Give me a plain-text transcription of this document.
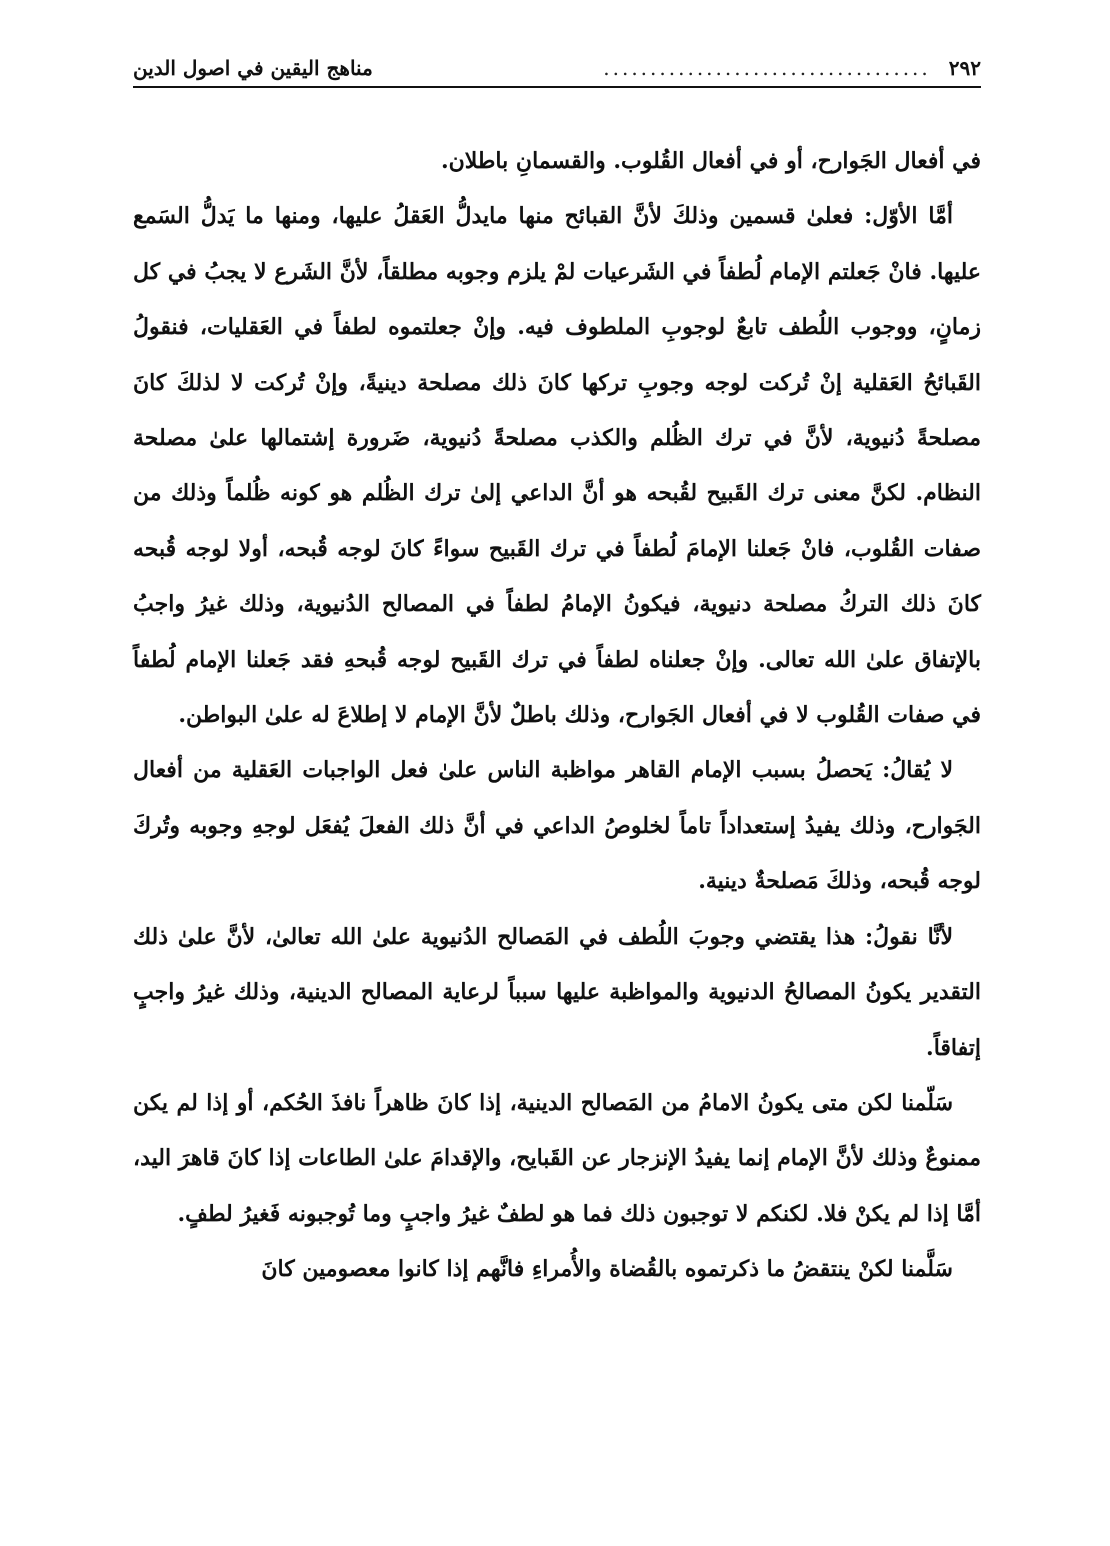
٢٩٢
...................................
مناهج اليقين في اصول الدين

في أفعال الجَوارح، أو في أفعال القُلوب. والقسمانِ باطلان.

أمَّا الأوّل: فعلىٰ قسمين وذلكَ لأنَّ القبائح منها مايدلُّ العَقلُ عليها، ومنها ما يَدلُّ السَمع عليها. فانْ جَعلتم الإمام لُطفاً في الشَرعيات لمْ يلزم وجوبه مطلقاً، لأنَّ الشَرع لا يجبُ في كل زمانٍ، ووجوب اللُطف تابعٌ لوجوبِ الملطوف فيه. وإنْ جعلتموه لطفاً في العَقليات، فنقولُ القَبائحُ العَقلية إنْ تُركت لوجه وجوبِ تركها كانَ ذلك مصلحة دينيةً، وإنْ تُركت لا لذلكَ كانَ مصلحةً دُنيوية، لأنَّ في ترك الظُلم والكذب مصلحةً دُنيوية، ضَرورة إشتمالها علىٰ مصلحة النظام. لكنَّ معنى ترك القَبيح لقُبحه هو أنَّ الداعي إلىٰ ترك الظُلم هو كونه ظُلماً وذلك من صفات القُلوب، فانْ جَعلنا الإمامَ لُطفاً في ترك القَبيح سواءً كانَ لوجه قُبحه، أولا لوجه قُبحه كانَ ذلك التركُ مصلحة دنيوية، فيكونُ الإمامُ لطفاً في المصالح الدُنيوية، وذلك غيرُ واجبُ بالإتفاق علىٰ الله تعالى. وإنْ جعلناه لطفاً في ترك القَبيح لوجه قُبحهِ فقد جَعلنا الإمام لُطفاً في صفات القُلوب لا في أفعال الجَوارح، وذلك باطلٌ لأنَّ الإمام لا إطلاعَ له علىٰ البواطن.

لا يُقالُ: يَحصلُ بسبب الإمام القاهر مواظبة الناس علىٰ فعل الواجبات العَقلية من أفعال الجَوارح، وذلك يفيدُ إستعداداً تاماً لخلوصُ الداعي في أنَّ ذلك الفعلَ يُفعَل لوجهِ وجوبه وتُركَ لوجه قُبحه، وذلكَ مَصلحةٌ دينية.

لأنَّا نقولُ: هذا يقتضي وجوبَ اللُطف في المَصالح الدُنيوية علىٰ الله تعالىٰ، لأنَّ علىٰ ذلك التقدير يكونُ المصالحُ الدنيوية والمواظبة عليها سبباً لرعاية المصالح الدينية، وذلك غيرُ واجبٍ إتفاقاً.

سَلّمنا لكن متى يكونُ الامامُ من المَصالح الدينية، إذا كانَ ظاهراً نافذَ الحُكم، أو إذا لم يكن ممنوعٌ وذلك لأنَّ الإمام إنما يفيدُ الإنزجار عن القَبايح، والإقدامَ علىٰ الطاعات إذا كانَ قاهرَ اليد، أمَّا إذا لم يكنْ فلا. لكنكم لا توجبون ذلك فما هو لطفٌ غيرُ واجبٍ وما تُوجبونه فَغيرُ لطفٍ.

سَلَّمنا لكنْ ينتقضُ ما ذكرتموه بالقُضاة والأُمراءِ فانَّهم إذا كانوا معصومين كانَ
